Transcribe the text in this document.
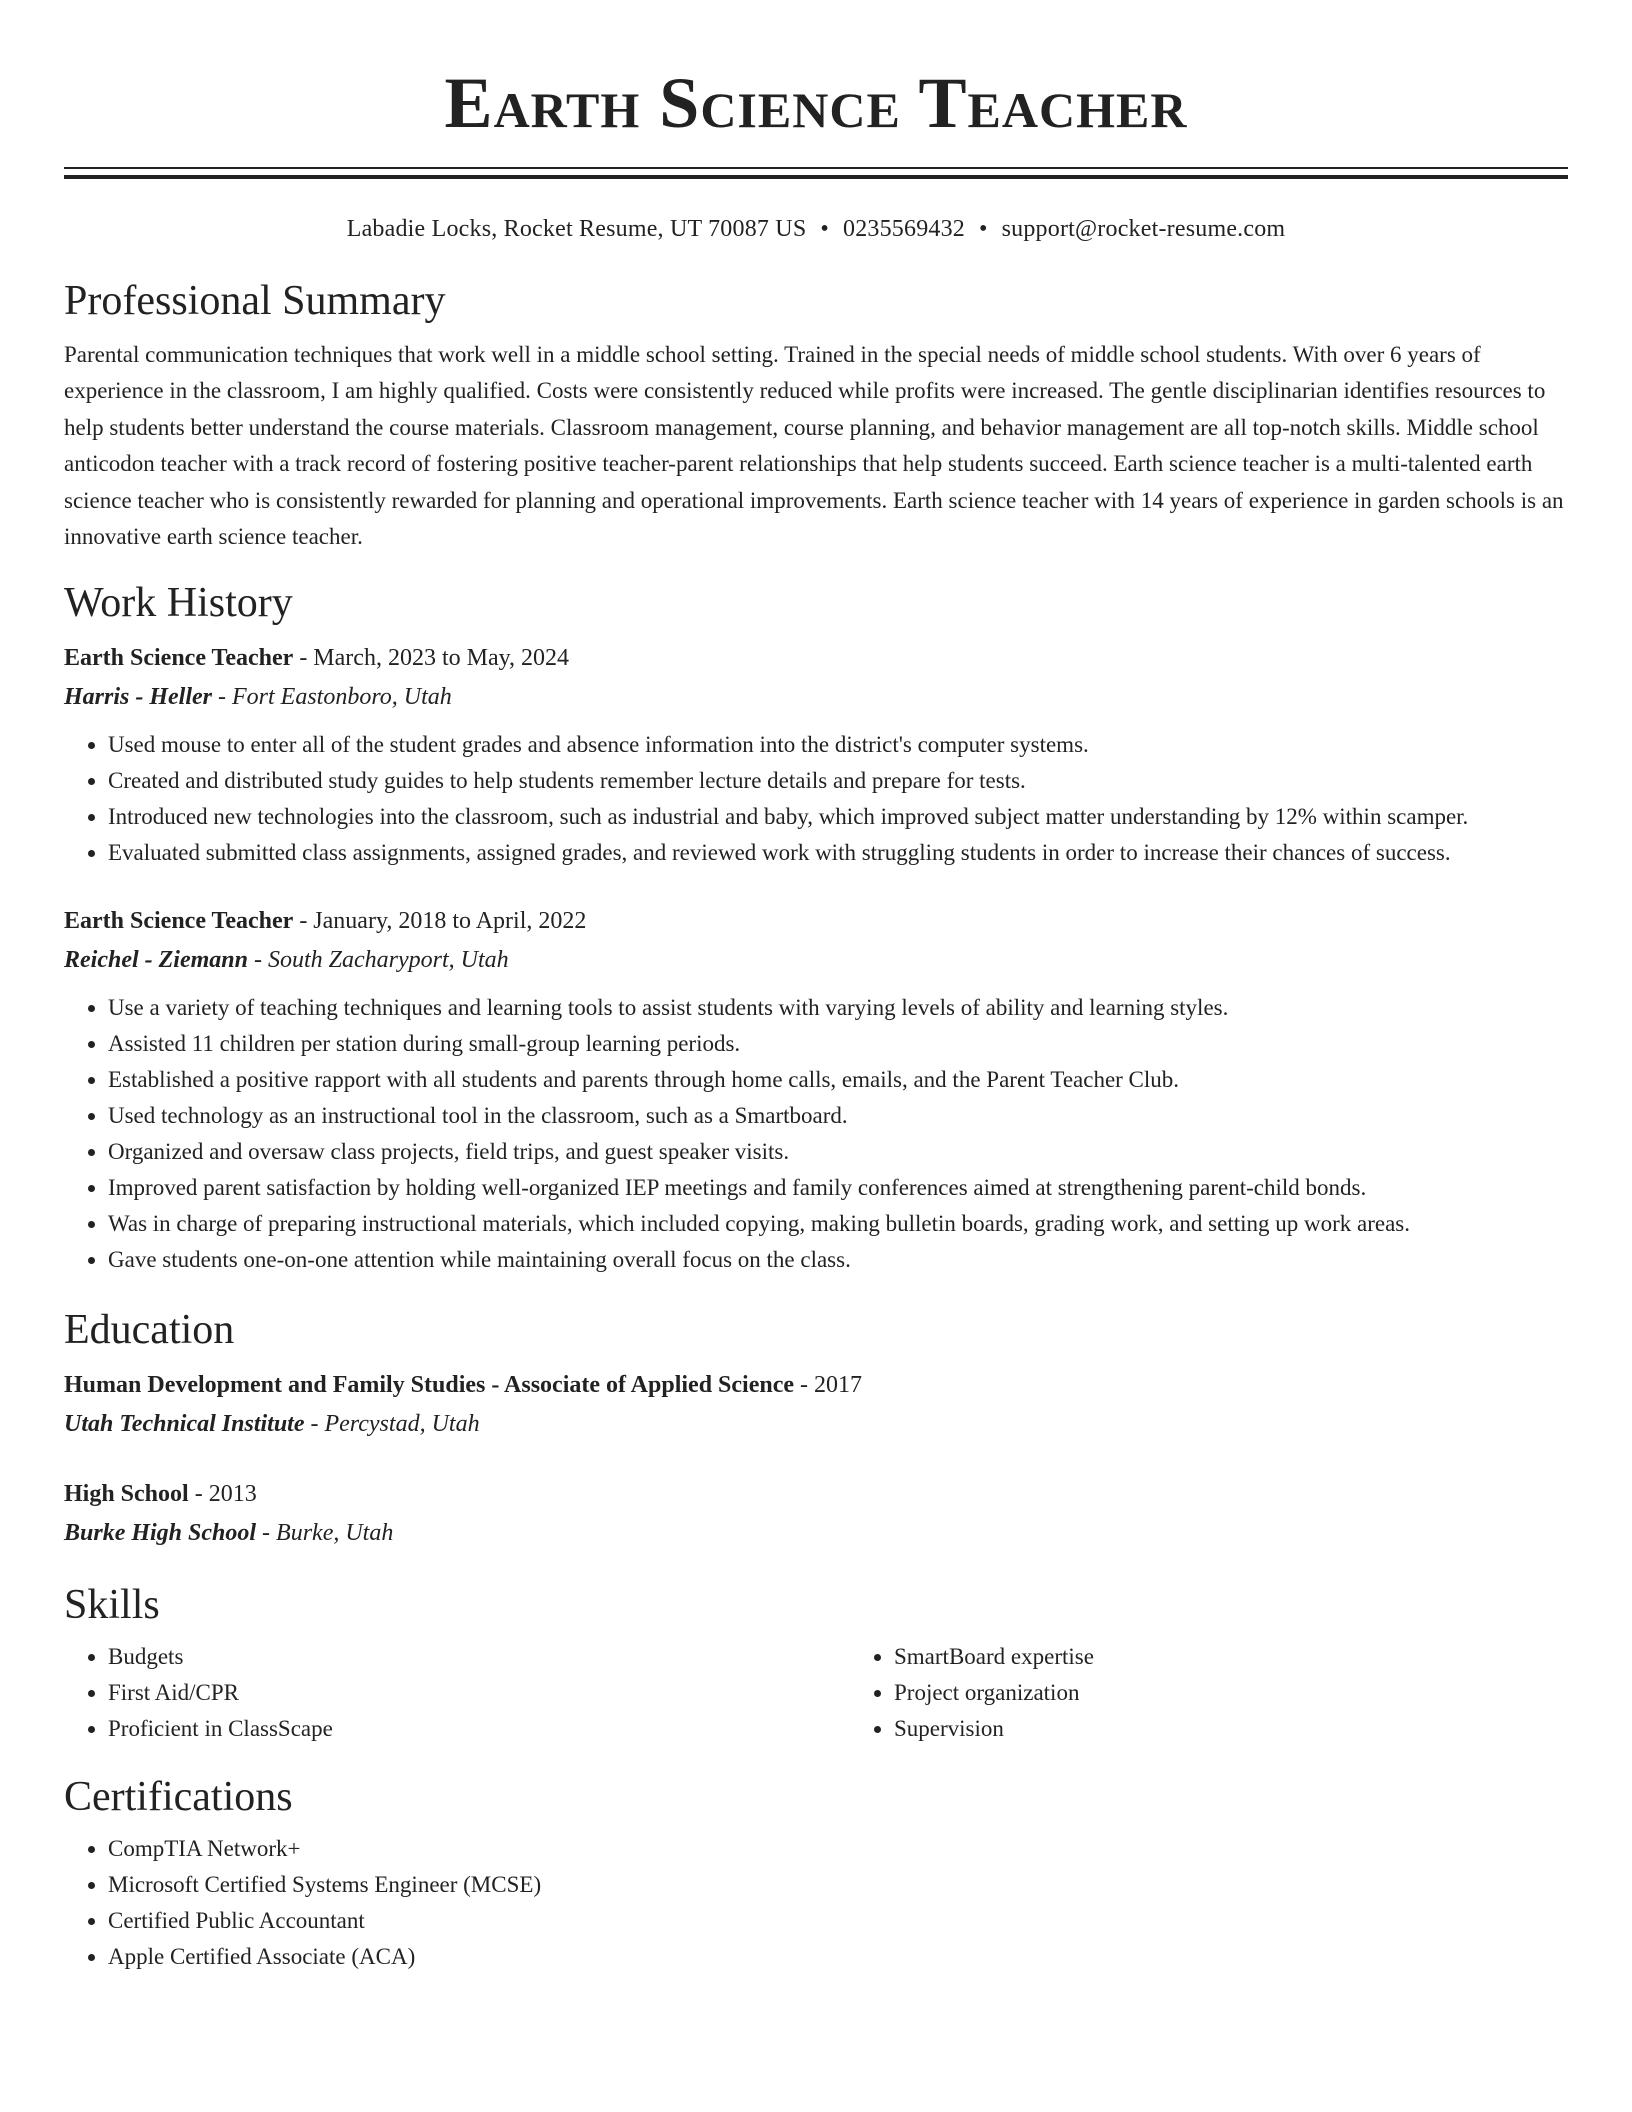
Earth Science Teacher
Labadie Locks, Rocket Resume, UT 70087 US • 0235569432 • support@rocket-resume.com
Professional Summary
Parental communication techniques that work well in a middle school setting. Trained in the special needs of middle school students. With over 6 years of experience in the classroom, I am highly qualified. Costs were consistently reduced while profits were increased. The gentle disciplinarian identifies resources to help students better understand the course materials. Classroom management, course planning, and behavior management are all top-notch skills. Middle school anticodon teacher with a track record of fostering positive teacher-parent relationships that help students succeed. Earth science teacher is a multi-talented earth science teacher who is consistently rewarded for planning and operational improvements. Earth science teacher with 14 years of experience in garden schools is an innovative earth science teacher.
Work History
Earth Science Teacher - March, 2023 to May, 2024
Harris - Heller - Fort Eastonboro, Utah
• Used mouse to enter all of the student grades and absence information into the district's computer systems.
• Created and distributed study guides to help students remember lecture details and prepare for tests.
• Introduced new technologies into the classroom, such as industrial and baby, which improved subject matter understanding by 12% within scamper.
• Evaluated submitted class assignments, assigned grades, and reviewed work with struggling students in order to increase their chances of success.
Earth Science Teacher - January, 2018 to April, 2022
Reichel - Ziemann - South Zacharyport, Utah
• Use a variety of teaching techniques and learning tools to assist students with varying levels of ability and learning styles.
• Assisted 11 children per station during small-group learning periods.
• Established a positive rapport with all students and parents through home calls, emails, and the Parent Teacher Club.
• Used technology as an instructional tool in the classroom, such as a Smartboard.
• Organized and oversaw class projects, field trips, and guest speaker visits.
• Improved parent satisfaction by holding well-organized IEP meetings and family conferences aimed at strengthening parent-child bonds.
• Was in charge of preparing instructional materials, which included copying, making bulletin boards, grading work, and setting up work areas.
• Gave students one-on-one attention while maintaining overall focus on the class.
Education
Human Development and Family Studies - Associate of Applied Science - 2017
Utah Technical Institute - Percystad, Utah
High School - 2013
Burke High School - Burke, Utah
Skills
• Budgets
• First Aid/CPR
• Proficient in ClassScape
• SmartBoard expertise
• Project organization
• Supervision
Certifications
• CompTIA Network+
• Microsoft Certified Systems Engineer (MCSE)
• Certified Public Accountant
• Apple Certified Associate (ACA)
